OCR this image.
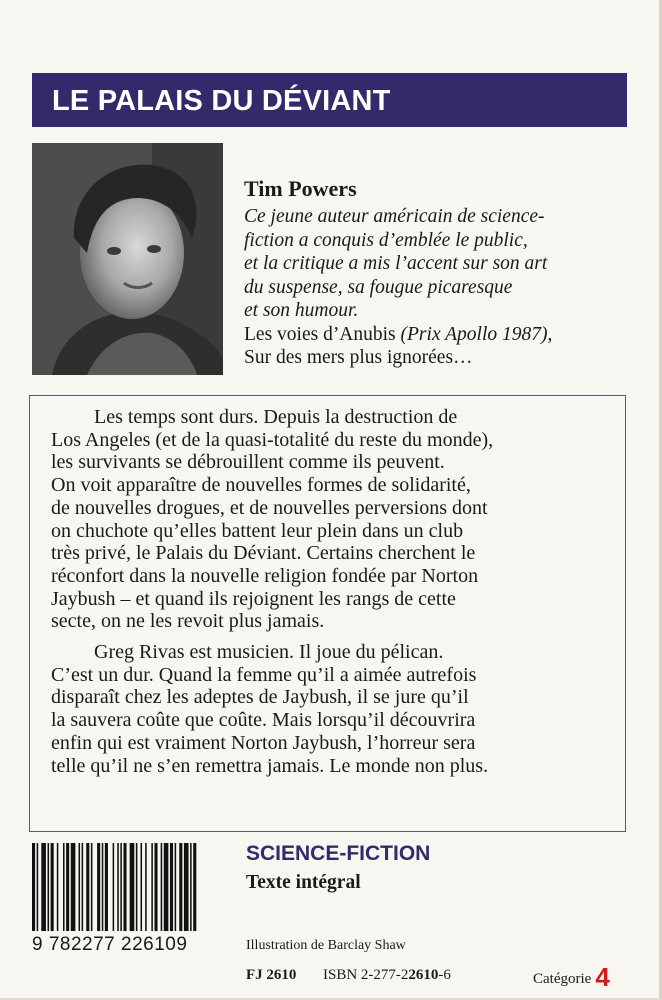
LE PALAIS DU DÉVIANT
Tim Powers
Ce jeune auteur américain de science-
fiction a conquis d’emblée le public,
et la critique a mis l’accent sur son art
du suspense, sa fougue picaresque
et son humour.
Les voies d’Anubis (Prix Apollo 1987),
Sur des mers plus ignorées…

Les temps sont durs. Depuis la destruction de
Los Angeles (et de la quasi-totalité du reste du monde),
les survivants se débrouillent comme ils peuvent.
On voit apparaître de nouvelles formes de solidarité,
de nouvelles drogues, et de nouvelles perversions dont
on chuchote qu’elles battent leur plein dans un club
très privé, le Palais du Déviant. Certains cherchent le
réconfort dans la nouvelle religion fondée par Norton
Jaybush – et quand ils rejoignent les rangs de cette
secte, on ne les revoit plus jamais.

Greg Rivas est musicien. Il joue du pélican.
C’est un dur. Quand la femme qu’il a aimée autrefois
disparaît chez les adeptes de Jaybush, il se jure qu’il
la sauvera coûte que coûte. Mais lorsqu’il découvrira
enfin qui est vraiment Norton Jaybush, l’horreur sera
telle qu’il ne s’en remettra jamais. Le monde non plus.

9 782277 226109
SCIENCE-FICTION
Texte intégral
Illustration de Barclay Shaw
FJ 2610 ISBN 2-277-22610-6	Catégorie 4
